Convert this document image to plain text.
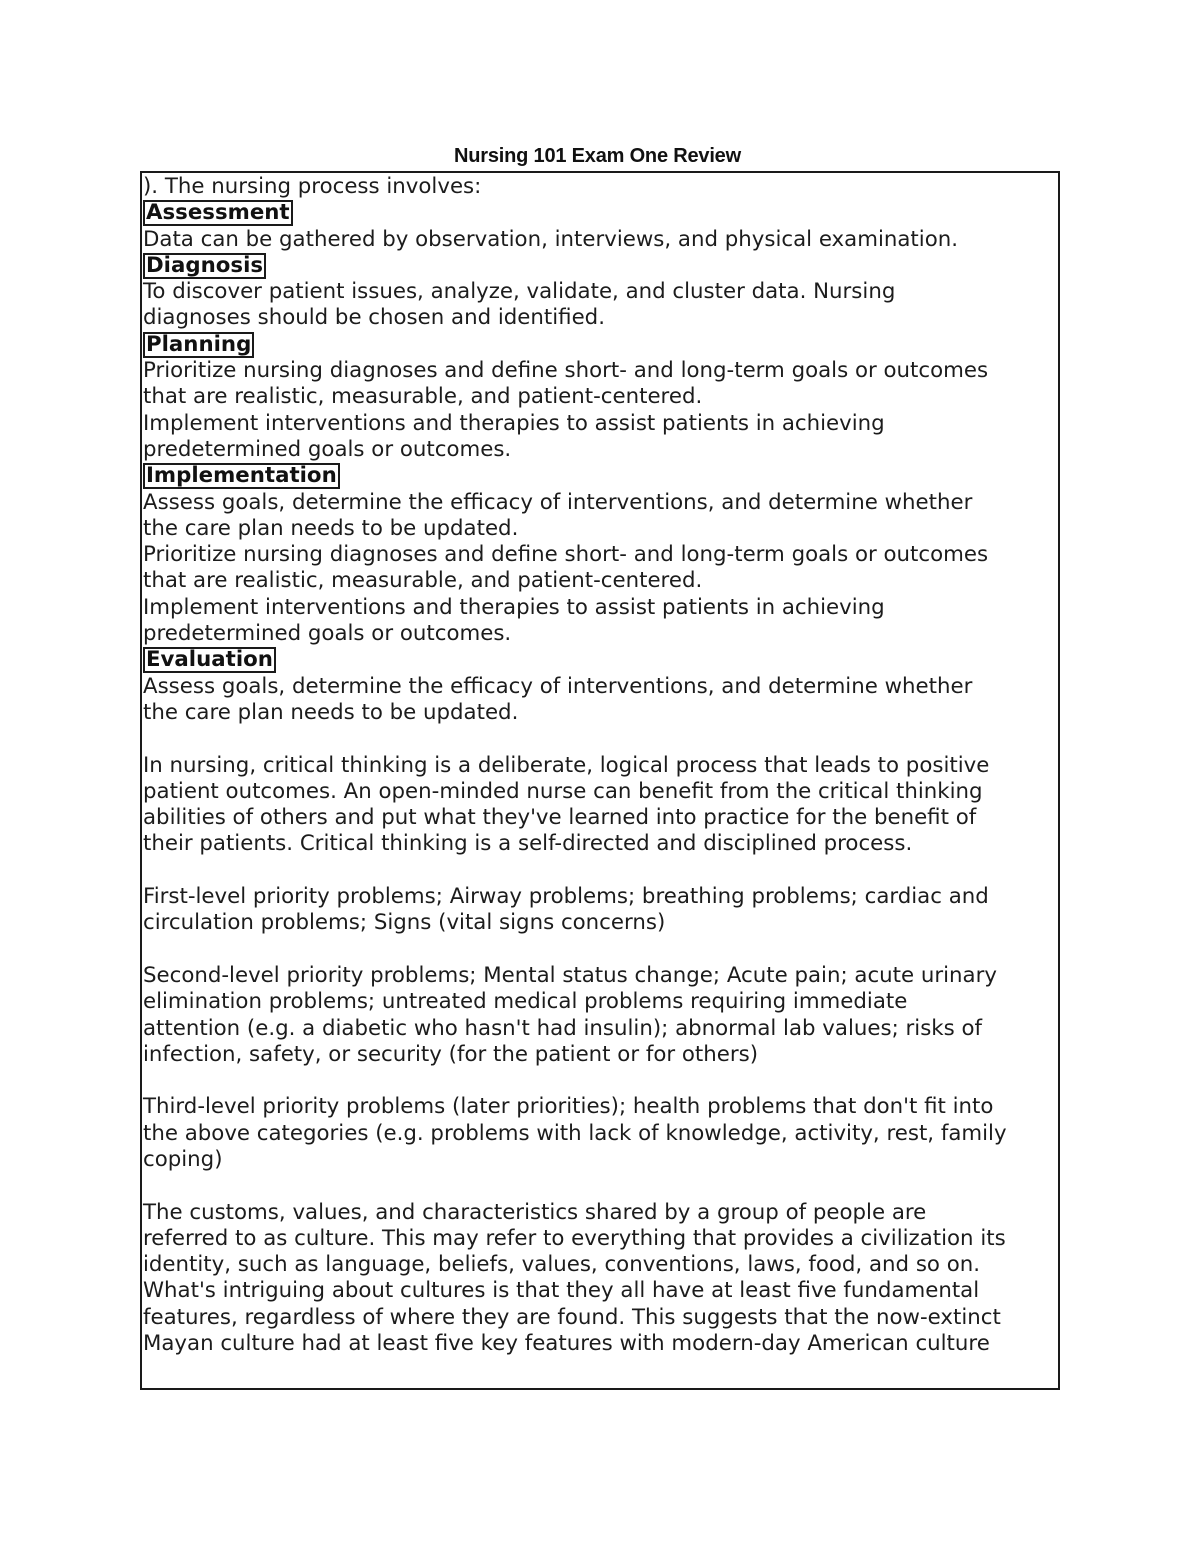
Nursing 101 Exam One Review
). The nursing process involves:
Assessment
Data can be gathered by observation, interviews, and physical examination.
Diagnosis
To discover patient issues, analyze, validate, and cluster data. Nursing
diagnoses should be chosen and identified.
Planning
Prioritize nursing diagnoses and define short- and long-term goals or outcomes
that are realistic, measurable, and patient-centered.
Implement interventions and therapies to assist patients in achieving
predetermined goals or outcomes.
Implementation
Assess goals, determine the efficacy of interventions, and determine whether
the care plan needs to be updated.
Prioritize nursing diagnoses and define short- and long-term goals or outcomes
that are realistic, measurable, and patient-centered.
Implement interventions and therapies to assist patients in achieving
predetermined goals or outcomes.
Evaluation
Assess goals, determine the efficacy of interventions, and determine whether
the care plan needs to be updated.
In nursing, critical thinking is a deliberate, logical process that leads to positive
patient outcomes. An open-minded nurse can benefit from the critical thinking
abilities of others and put what they've learned into practice for the benefit of
their patients. Critical thinking is a self-directed and disciplined process.
First-level priority problems; Airway problems; breathing problems; cardiac and
circulation problems; Signs (vital signs concerns)
Second-level priority problems; Mental status change; Acute pain; acute urinary
elimination problems; untreated medical problems requiring immediate
attention (e.g. a diabetic who hasn't had insulin); abnormal lab values; risks of
infection, safety, or security (for the patient or for others)
Third-level priority problems (later priorities); health problems that don't fit into
the above categories (e.g. problems with lack of knowledge, activity, rest, family
coping)
The customs, values, and characteristics shared by a group of people are
referred to as culture. This may refer to everything that provides a civilization its
identity, such as language, beliefs, values, conventions, laws, food, and so on.
What's intriguing about cultures is that they all have at least five fundamental
features, regardless of where they are found. This suggests that the now-extinct
Mayan culture had at least five key features with modern-day American culture
